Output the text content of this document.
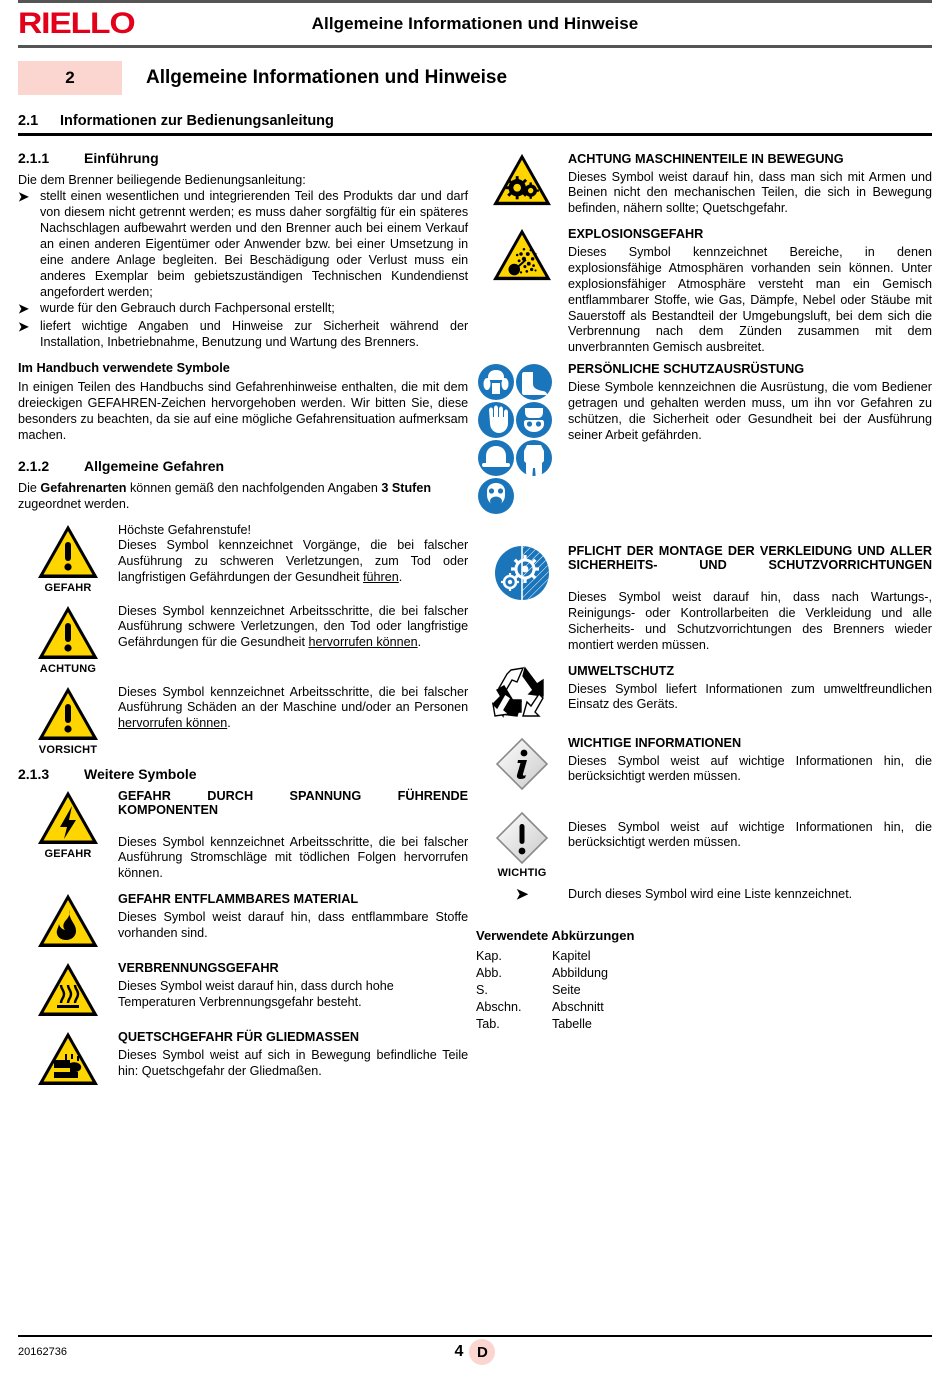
RIELLO	Allgemeine Informationen und Hinweise
2	Allgemeine Informationen und Hinweise
2.1	Informationen zur Bedienungsanleitung
2.1.1	Einführung

Die dem Brenner beiliegende Bedienungsanleitung:

➤ stellt einen wesentlichen und integrierenden Teil des Produkts dar und darf von diesem nicht getrennt werden; es muss daher sorgfältig für ein späteres Nachschlagen aufbewahrt werden und den Brenner auch bei einem Verkauf an einen anderen Eigentümer oder Anwender bzw. bei einer Umsetzung in eine andere Anlage begleiten. Bei Beschädigung oder Verlust muss ein anderes Exemplar beim gebietszuständigen Technischen Kundendienst angefordert werden;
➤ wurde für den Gebrauch durch Fachpersonal erstellt;
➤ liefert wichtige Angaben und Hinweise zur Sicherheit während der Installation, Inbetriebnahme, Benutzung und Wartung des Brenners.
Im Handbuch verwendete Symbole

In einigen Teilen des Handbuchs sind Gefahrenhinweise enthalten, die mit dem dreieckigen GEFAHREN-Zeichen hervorgehoben werden. Wir bitten Sie, diese besonders zu beachten, da sie auf eine mögliche Gefahrensituation aufmerksam machen.

2.1.2	Allgemeine Gefahren

Die Gefahrenarten können gemäß den nachfolgenden Angaben 3 Stufen zugeordnet werden.

GEFAHR

Höchste Gefahrenstufe!

Dieses Symbol kennzeichnet Vorgänge, die bei falscher Ausführung zu schweren Verletzungen, zum Tod oder langfristigen Gefährdungen der Gesundheit führen.

ACHTUNG

Dieses Symbol kennzeichnet Arbeitsschritte, die bei falscher Ausführung schwere Verletzungen, den Tod oder langfristige Gefährdungen für die Gesundheit hervorrufen können.

VORSICHT

Dieses Symbol kennzeichnet Arbeitsschritte, die bei falscher Ausführung Schäden an der Maschine und/oder an Personen hervorrufen können.

2.1.3	Weitere Symbole
GEFAHR
GEFAHR DURCH SPANNUNG FÜHRENDE KOMPONENTEN

Dieses Symbol kennzeichnet Arbeitsschritte, die bei falscher Ausführung Stromschläge mit tödlichen Folgen hervorrufen können.

GEFAHR ENTFLAMMBARES MATERIAL

Dieses Symbol weist darauf hin, dass entflammbare Stoffe vorhanden sind.

VERBRENNUNGSGEFAHR

Dieses Symbol weist darauf hin, dass durch hohe Temperaturen Verbrennungsgefahr besteht.

QUETSCHGEFAHR FÜR GLIEDMASSEN

Dieses Symbol weist auf sich in Bewegung befindliche Teile hin: Quetschgefahr der Gliedmaßen.

ACHTUNG MASCHINENTEILE IN BEWEGUNG

Dieses Symbol weist darauf hin, dass man sich mit Armen und Beinen nicht den mechanischen Teilen, die sich in Bewegung befinden, nähern sollte; Quetschgefahr.

EXPLOSIONSGEFAHR

Dieses Symbol kennzeichnet Bereiche, in denen explosionsfähige Atmosphären vorhanden sein können. Unter explosionsfähiger Atmosphäre versteht man ein Gemisch entflammbarer Stoffe, wie Gas, Dämpfe, Nebel oder Stäube mit Sauerstoff als Bestandteil der Umgebungsluft, bei dem sich die Verbrennung nach dem Zünden zusammen mit dem unverbrannten Gemisch ausbreitet.

PERSÖNLICHE SCHUTZAUSRÜSTUNG

Diese Symbole kennzeichnen die Ausrüstung, die vom Bediener getragen und gehalten werden muss, um ihn vor Gefahren zu schützen, die Sicherheit oder Gesundheit bei der Ausführung seiner Arbeit gefährden.

PFLICHT DER MONTAGE DER VERKLEIDUNG UND ALLER SICHERHEITS- UND SCHUTZVORRICHTUNGEN

Dieses Symbol weist darauf hin, dass nach Wartungs-, Reinigungs- oder Kontrollarbeiten die Verkleidung und alle Sicherheits- und Schutzvorrichtungen des Brenners wieder montiert werden müssen.

UMWELTSCHUTZ

Dieses Symbol liefert Informationen zum umweltfreundlichen Einsatz des Geräts.

WICHTIGE INFORMATIONEN

Dieses Symbol weist auf wichtige Informationen hin, die berücksichtigt werden müssen.

WICHTIG

Dieses Symbol weist auf wichtige Informationen hin, die berücksichtigt werden müssen.

➤	Durch dieses Symbol wird eine Liste kennzeichnet.

Verwendete Abkürzungen
Kap.	Kapitel
Abb.	Abbildung
S.	Seite
Abschn.	Abschnitt
Tab.	Tabelle
20162736	4 D
